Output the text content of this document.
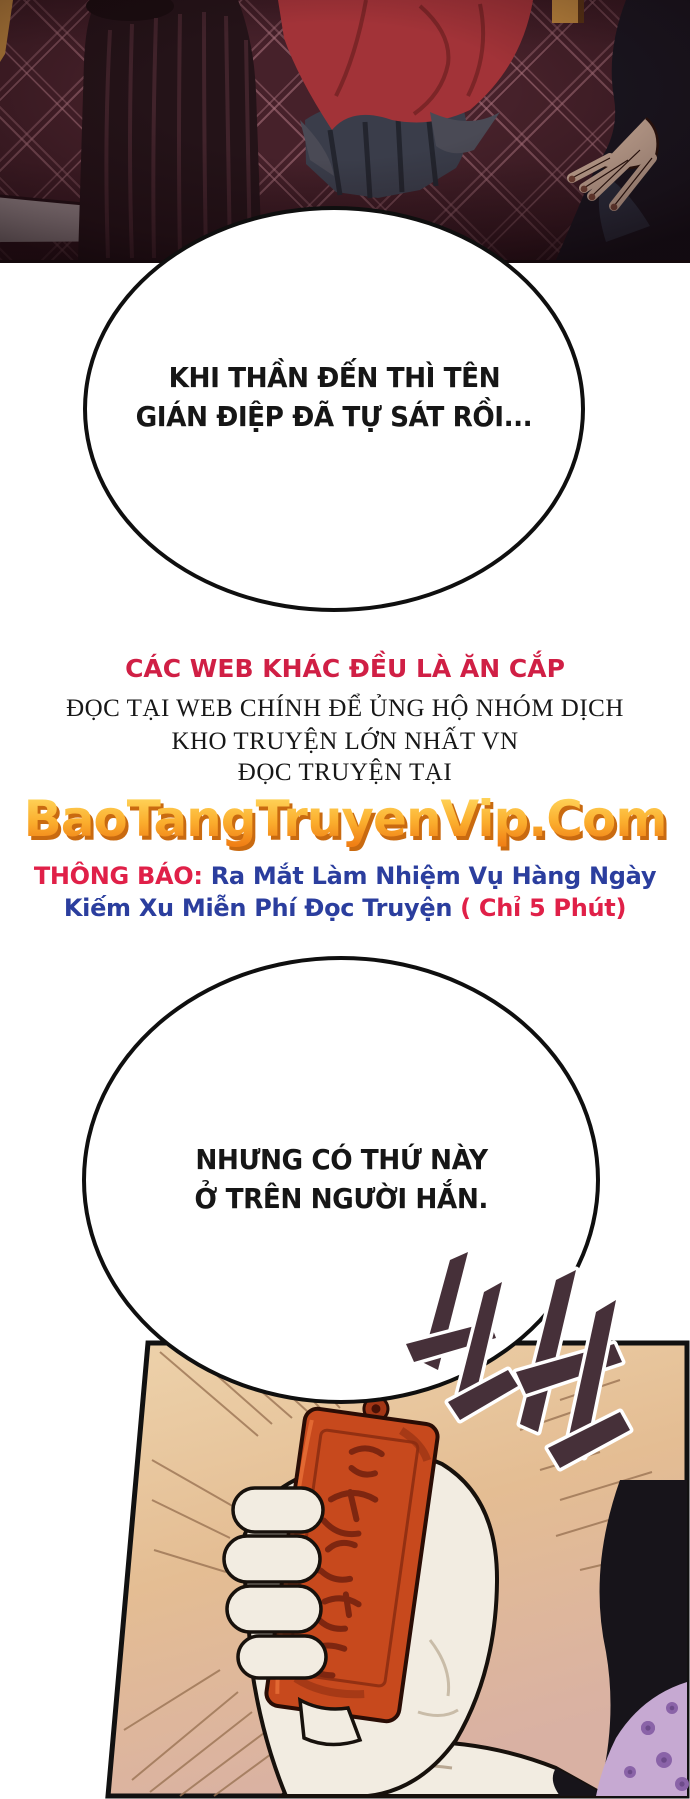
KHI THẦN ĐẾN THÌ TÊN
GIÁN ĐIỆP ĐÃ TỰ SÁT RỒI...
CÁC WEB KHÁC ĐỀU LÀ ĂN CẮP
ĐỌC TẠI WEB CHÍNH ĐỂ ỦNG HỘ NHÓM DỊCH
KHO TRUYỆN LỚN NHẤT VN
ĐỌC TRUYỆN TẠI
BaoTangTruyenVip.Com
THÔNG BÁO: Ra Mắt Làm Nhiệm Vụ Hàng Ngày
Kiếm Xu Miễn Phí Đọc Truyện ( Chỉ 5 Phút)
NHƯNG CÓ THỨ NÀY
Ở TRÊN NGƯỜI HẮN.
